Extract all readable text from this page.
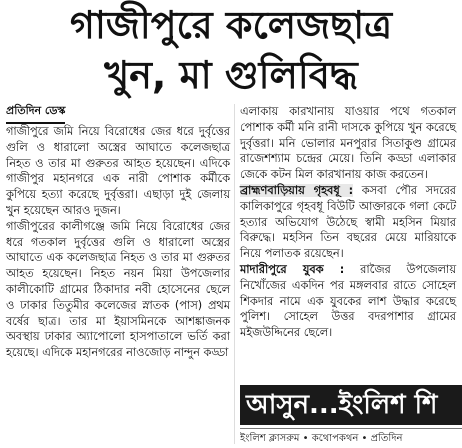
গাজীপুরে কলেজছাত্র
খুন, মা গুলিবিদ্ধ
প্রতিদিন ডেস্ক

গাজীপুরে জমি নিয়ে বিরোধের জের ধরে দুর্বৃত্তের গুলি ও ধারালো অস্ত্রের আঘাতে কলেজছাত্র নিহত ও তার মা গুরুতর আহত হয়েছেন। এদিকে গাজীপুর মহানগরে এক নারী পোশাক কর্মীকে কুপিয়ে হত্যা করেছে দুর্বৃত্তরা। এছাড়া দুই জেলায় খুন হয়েছেন আরও দুজন।

গাজীপুরের কালীগঞ্জে জমি নিয়ে বিরোধের জের ধরে গতকাল দুর্বৃত্তের গুলি ও ধারালো অস্ত্রের আঘাতে এক কলেজছাত্র নিহত ও তার মা গুরুতর আহত হয়েছেন। নিহত নয়ন মিয়া উপজেলার কালীকোটি গ্রামের ঠিকাদার নবী হোসেনের ছেলে ও ঢাকার তিতুমীর কলেজের স্নাতক (পাস) প্রথম বর্ষের ছাত্র। তার মা ইয়াসমিনকে আশঙ্কাজনক অবস্থায় ঢাকার অ্যাপোলো হাসপাতালে ভর্তি করা হয়েছে। এদিকে মহানগরের নাওজোড় নান্দুন কড্ডা

এলাকায় কারখানায় যাওয়ার পথে গতকাল পোশাক কর্মী মনি রানী দাসকে কুপিয়ে খুন করেছে দুর্বৃত্তরা। মনি ভোলার মনপুরার সিতাকুণ্ড গ্রামের রাজেশশ্যাম চন্দ্রের মেয়ে। তিনি কড্ডা এলাকার জেকে কটন মিল কারখানায় কাজ করতেন।

ব্রাহ্মণবাড়িয়ায় গৃহবধূ : কসবা পৌর সদরের কালিকাপুরে গৃহবধূ বিউটি আক্তারকে গলা কেটে হত্যার অভিযোগ উঠেছে স্বামী মহসিন মিয়ার বিরুদ্ধে। মহসিন তিন বছরের মেয়ে মারিয়াকে নিয়ে পলাতক রয়েছেন।

মাদারীপুরে যুবক : রাজৈর উপজেলায় নিখোঁজের একদিন পর মঙ্গলবার রাতে সোহেল শিকদার নামে এক যুবকের লাশ উদ্ধার করেছে পুলিশ। সোহেল উত্তর বদরপাশার গ্রামের মইজউদ্দিনের ছেলে।

আসুন...ইংলিশ শি
ইংলিশ ক্লাসরুম • কথোপকথন • প্রতিদিন
